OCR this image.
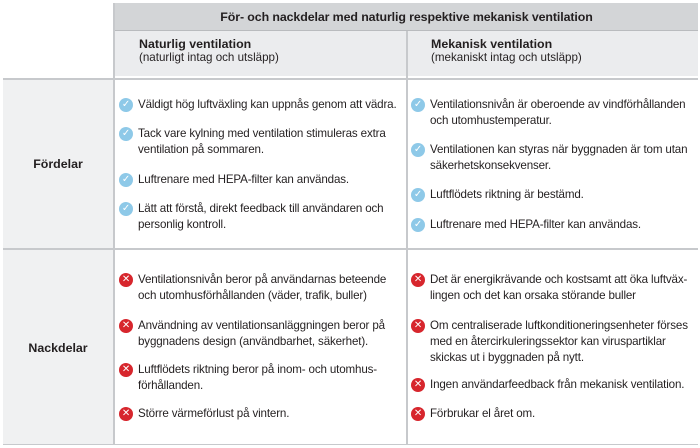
För- och nackdelar med naturlig respektive mekanisk ventilation
Naturlig ventilation
(naturligt intag och utsläpp)
Mekanisk ventilation
(mekaniskt intag och utsläpp)
Fördelar
Nackdelar
✓ Väldigt hög luftväxling kan uppnås genom att vädra.
✓ Tack vare kylning med ventilation stimuleras extra
ventilation på sommaren.
✓ Luftrenare med HEPA-filter kan användas.
✓ Lätt att förstå, direkt feedback till användaren och
personlig kontroll.
✓ Ventilationsnivån är oberoende av vindförhållanden
och utomhustemperatur.
✓ Ventilationen kan styras när byggnaden är tom utan
säkerhetskonsekvenser.
✓ Luftflödets riktning är bestämd.
✓ Luftrenare med HEPA-filter kan användas.
✕ Ventilationsnivån beror på användarnas beteende
och utomhusförhållanden (väder, trafik, buller)
✕ Användning av ventilationsanläggningen beror på
byggnadens design (användbarhet, säkerhet).
✕ Luftflödets riktning beror på inom- och utomhus-
förhållanden.
✕ Större värmeförlust på vintern.
✕ Det är energikrävande och kostsamt att öka luftväx-
lingen och det kan orsaka störande buller
✕ Om centraliserade luftkonditioneringsenheter förses
med en återcirkuleringssektor kan viruspartiklar
skickas ut i byggnaden på nytt.
✕ Ingen användarfeedback från mekanisk ventilation.
✕ Förbrukar el året om.
